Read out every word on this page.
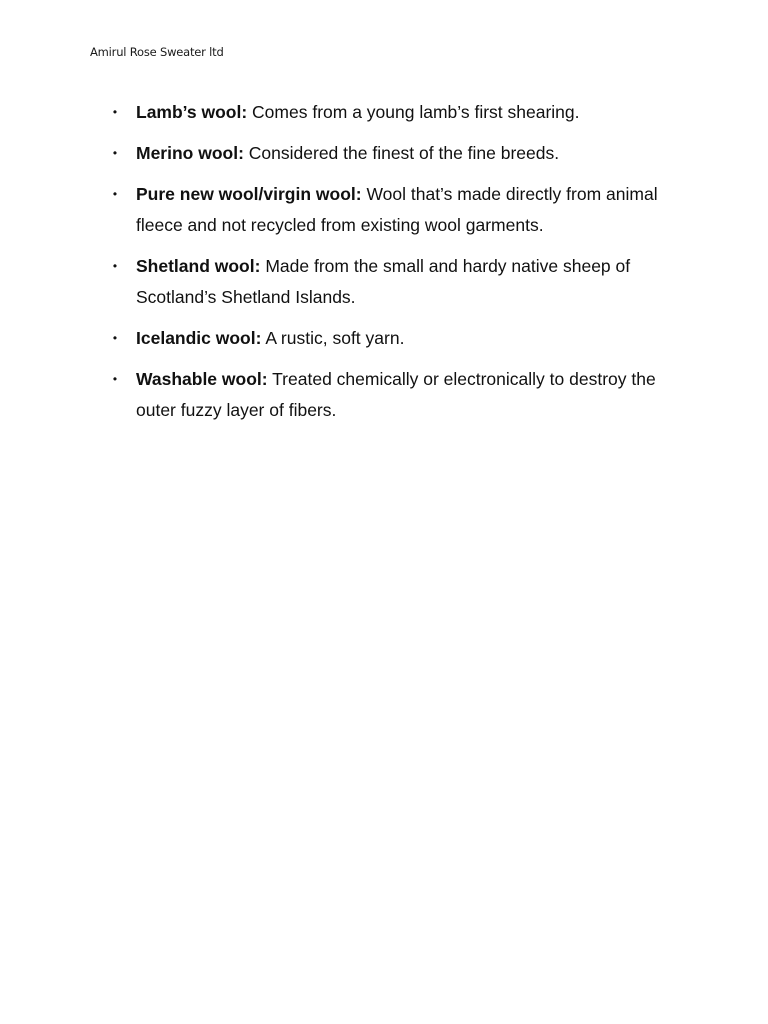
Amirul Rose Sweater ltd
• Lamb’s wool: Comes from a young lamb’s first shearing.
• Merino wool: Considered the finest of the fine breeds.
• Pure new wool/virgin wool: Wool that’s made directly from animal fleece and not recycled from existing wool garments.
• Shetland wool: Made from the small and hardy native sheep of Scotland’s Shetland Islands.
• Icelandic wool: A rustic, soft yarn.
• Washable wool: Treated chemically or electronically to destroy the outer fuzzy layer of fibers.
